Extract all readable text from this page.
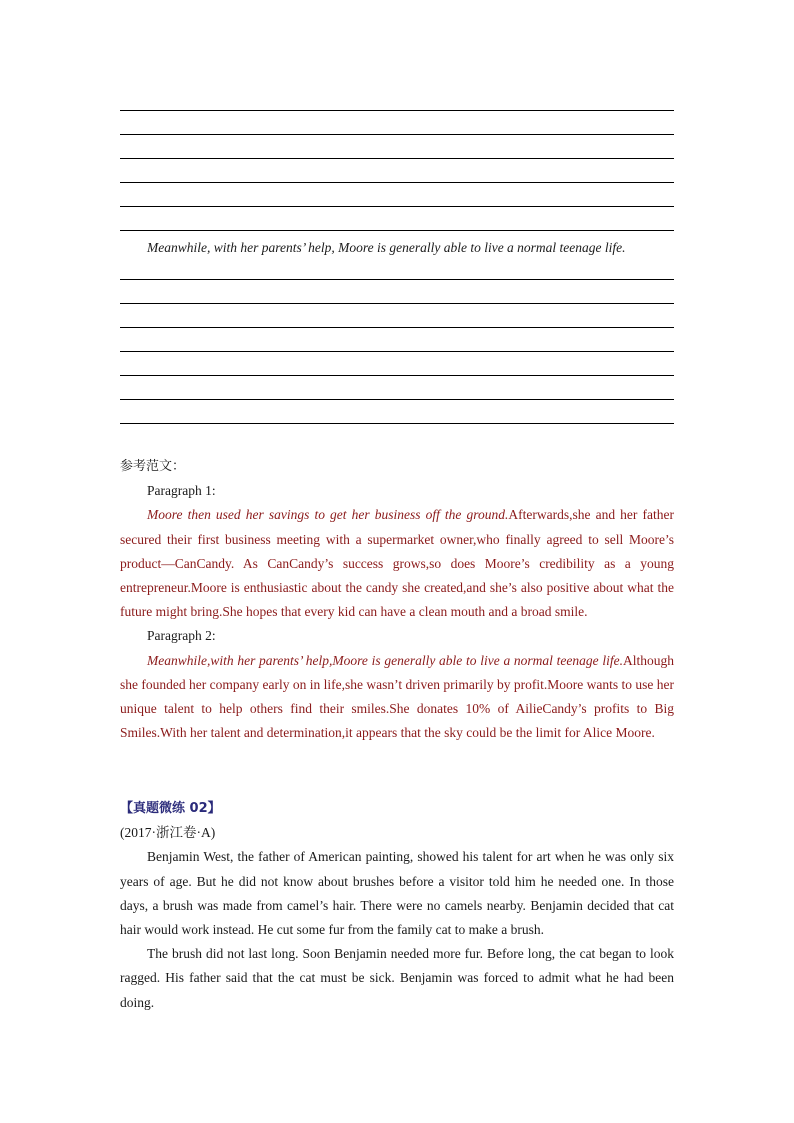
Meanwhile, with her parents’ help, Moore is generally able to live a normal teenage life.

参考范文：

Paragraph 1:

Moore then used her savings to get her business off the ground.Afterwards,she and her father secured their first business meeting with a supermarket owner,who finally agreed to sell Moore’s product—CanCandy. As CanCandy’s success grows,so does Moore’s credibility as a young entrepreneur.Moore is enthusiastic about the candy she created,and she’s also positive about what the future might bring.She hopes that every kid can have a clean mouth and a broad smile.

Paragraph 2:

Meanwhile,with her parents’ help,Moore is generally able to live a normal teenage life.Although she founded her company early on in life,she wasn’t driven primarily by profit.Moore wants to use her unique talent to help others find their smiles.She donates 10% of AilieCandy’s profits to Big Smiles.With her talent and determination,it appears that the sky could be the limit for Alice Moore.

【真题微练 02】

(2017·浙江卷·A)

Benjamin West, the father of American painting, showed his talent for art when he was only six years of age. But he did not know about brushes before a visitor told him he needed one. In those days, a brush was made from camel’s hair. There were no camels nearby. Benjamin decided that cat hair would work instead. He cut some fur from the family cat to make a brush.

The brush did not last long. Soon Benjamin needed more fur. Before long, the cat began to look ragged. His father said that the cat must be sick. Benjamin was forced to admit what he had been doing.
